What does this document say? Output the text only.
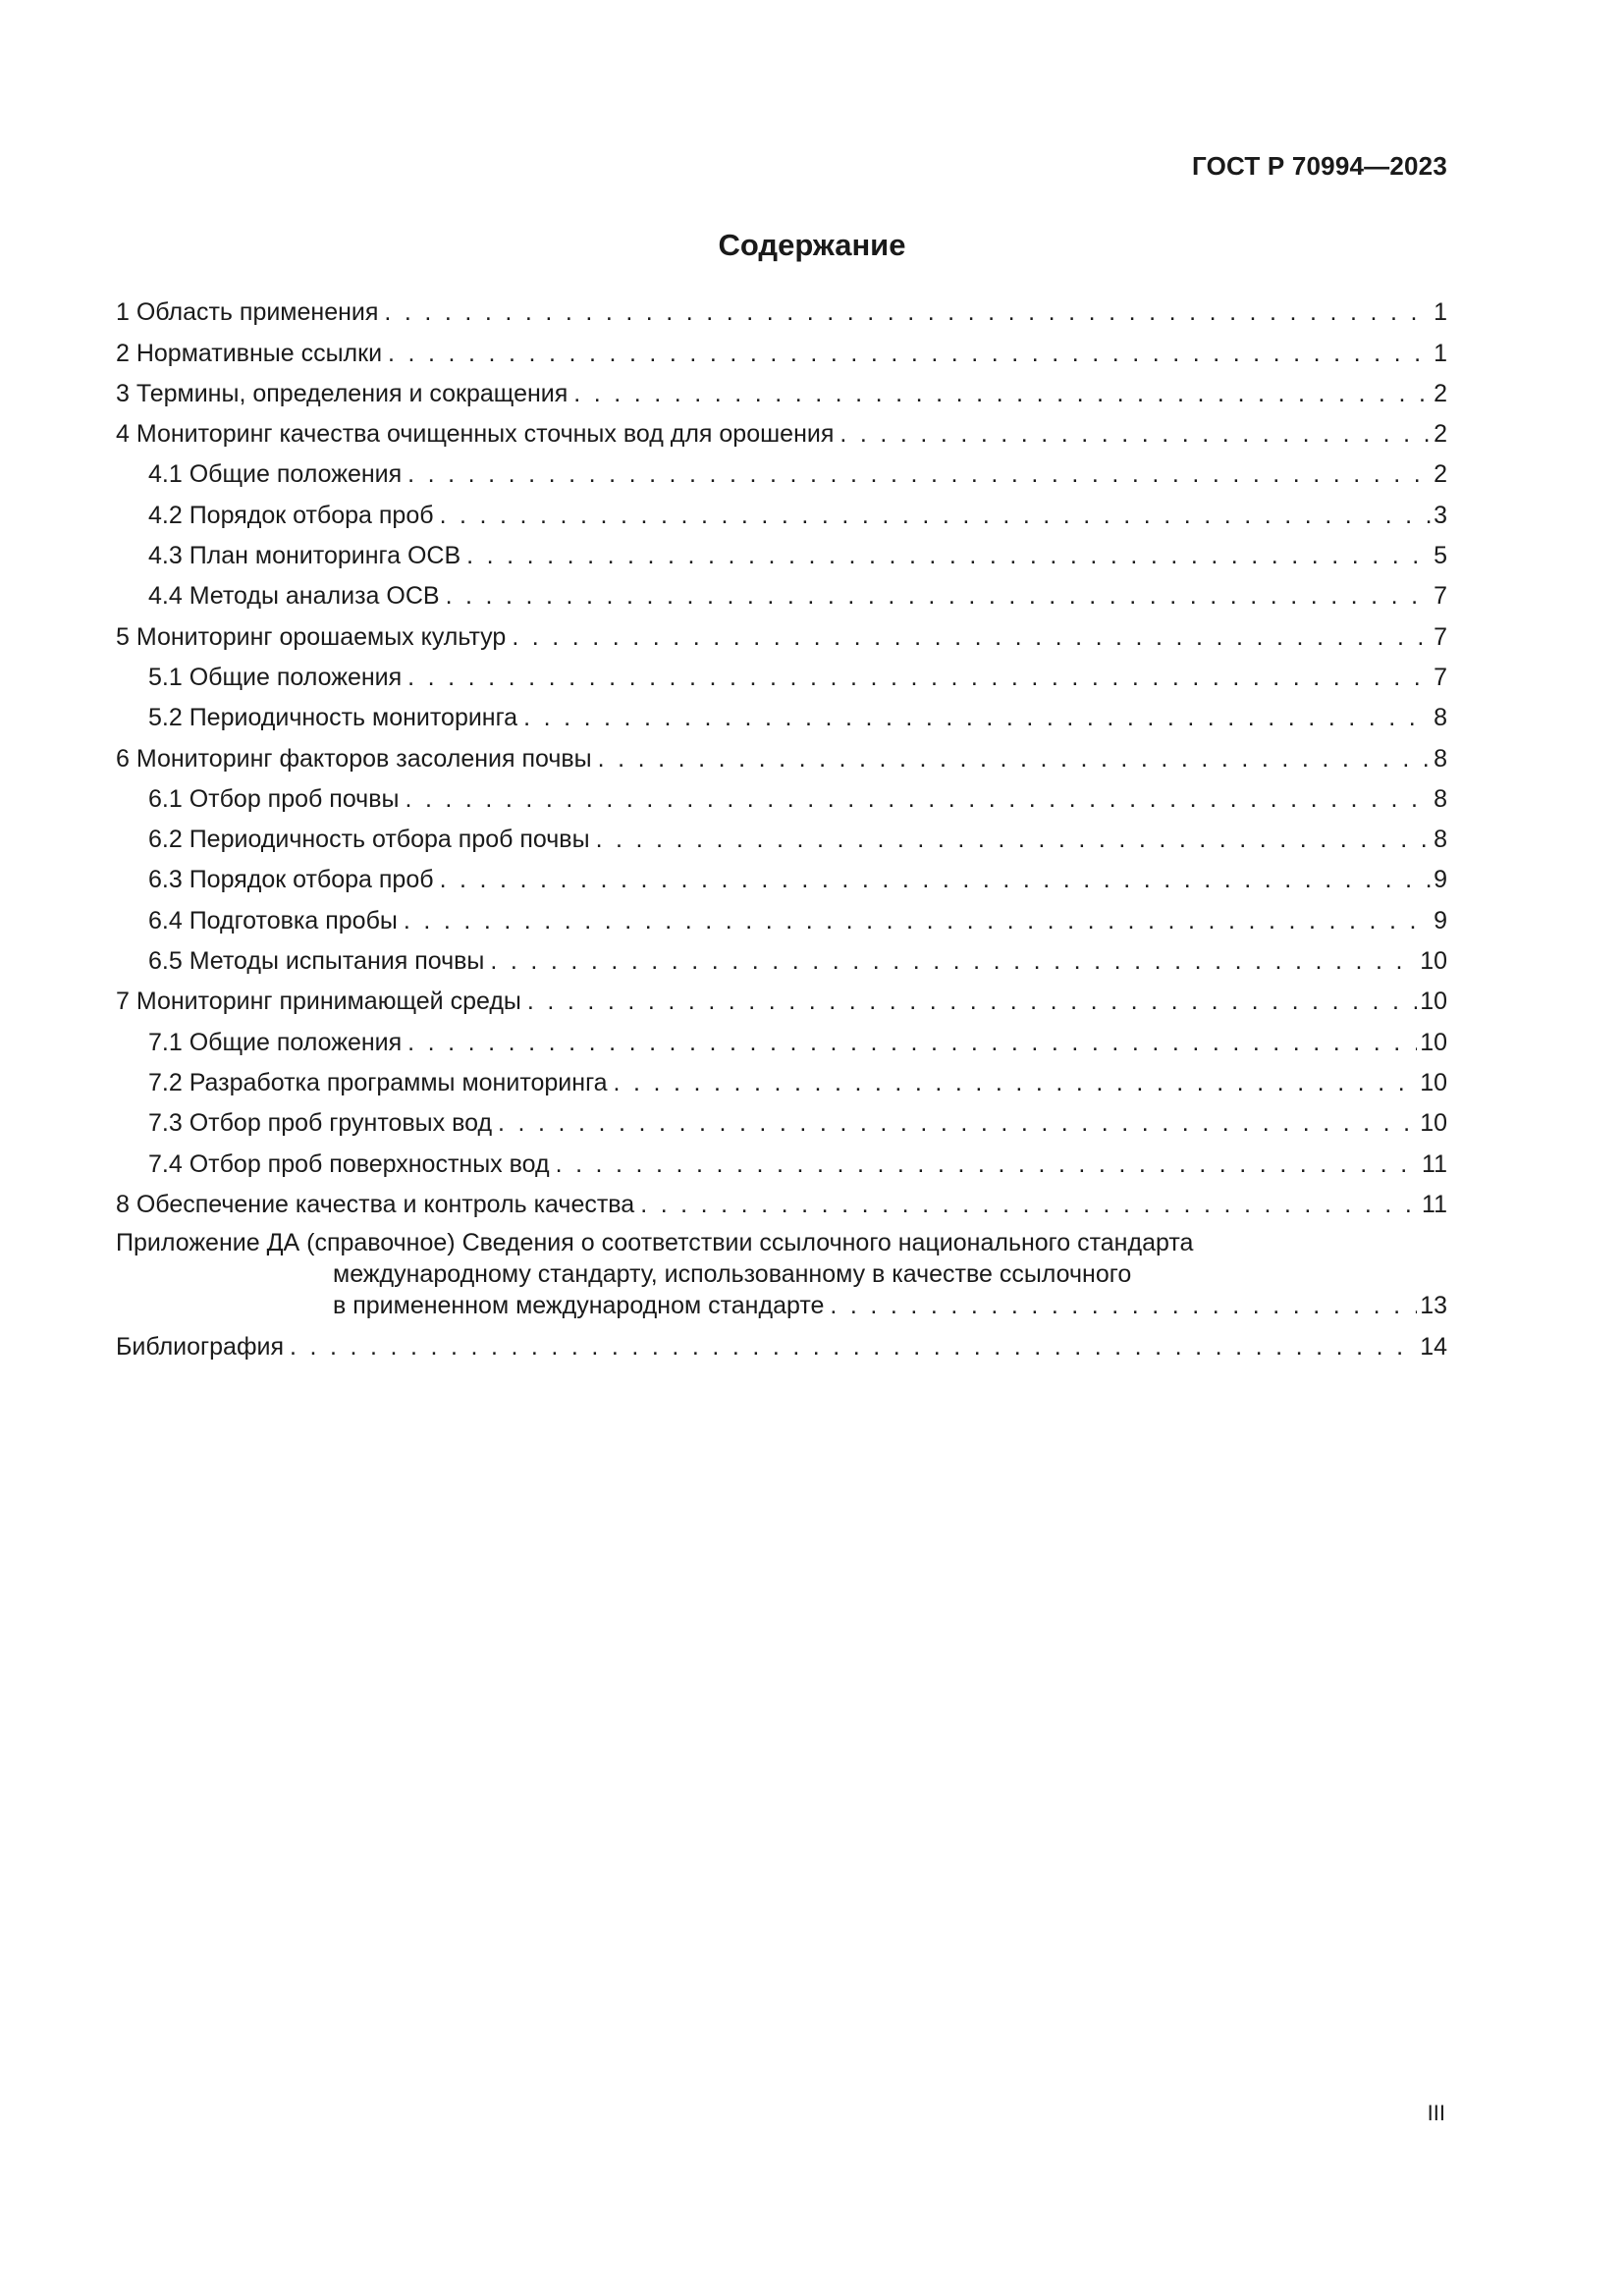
ГОСТ Р 70994—2023
Содержание
1 Область применения . . .	1
2 Нормативные ссылки . . .	1
3 Термины, определения и сокращения . . .	2
4 Мониторинг качества очищенных сточных вод для орошения . . .	2
4.1 Общие положения . . .	2
4.2 Порядок отбора проб . . .	3
4.3 План мониторинга ОСВ . . .	5
4.4 Методы анализа ОСВ . . .	7
5 Мониторинг орошаемых культур . . .	7
5.1 Общие положения . . .	7
5.2 Периодичность мониторинга . . .	8
6 Мониторинг факторов засоления почвы . . .	8
6.1 Отбор проб почвы . . .	8
6.2 Периодичность отбора проб почвы . . .	8
6.3 Порядок отбора проб . . .	9
6.4 Подготовка пробы . . .	9
6.5 Методы испытания почвы . . .	10
7 Мониторинг принимающей среды . . .	10
7.1 Общие положения . . .	10
7.2 Разработка программы мониторинга . . .	10
7.3 Отбор проб грунтовых вод . . .	10
7.4 Отбор проб поверхностных вод . . .	11
8 Обеспечение качества и контроль качества . . .	11
Приложение ДА (справочное) Сведения о соответствии ссылочного национального стандарта
международному стандарту, использованному в качестве ссылочного
в примененном международном стандарте . . .	13
Библиография . . .	14
III
